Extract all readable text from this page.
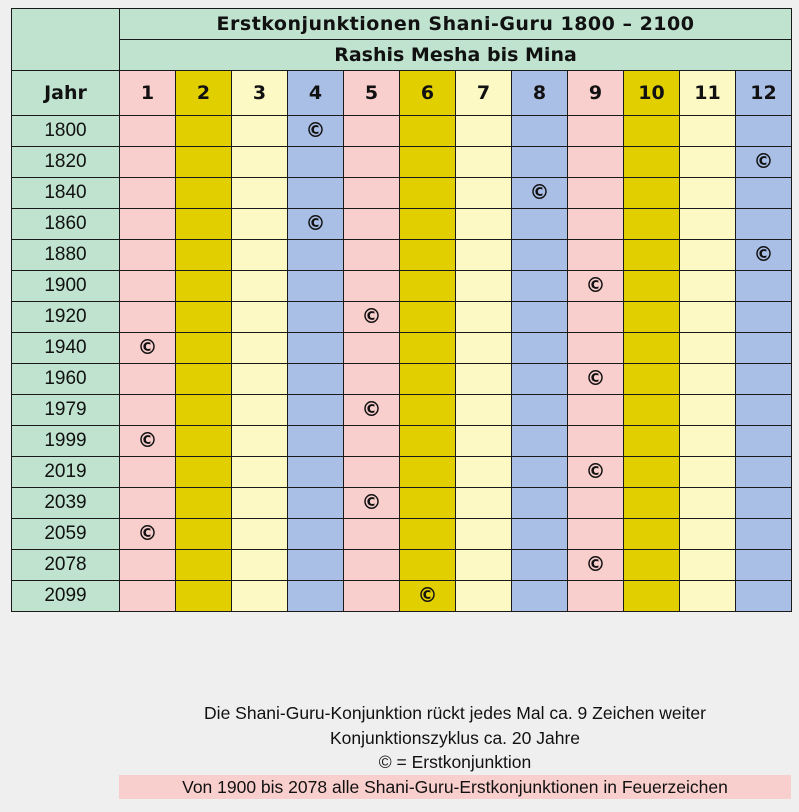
	Erstkonjunktionen Shani-Guru 1800 – 2100											
	Rashis Mesha bis Mina											
Jahr	1	2	3	4	5	6	7	8	9	10	11	12
1800				©								
1820												©
1840								©				
1860				©								
1880												©
1900									©			
1920					©							
1940	©											
1960									©			
1979					©							
1999	©											
2019									©			
2039					©							
2059	©											
2078									©			
2099						©						
Die Shani-Guru-Konjunktion rückt jedes Mal ca. 9 Zeichen weiter
Konjunktionszyklus ca. 20 Jahre
© = Erstkonjunktion
Von 1900 bis 2078 alle Shani-Guru-Erstkonjunktionen in Feuerzeichen
